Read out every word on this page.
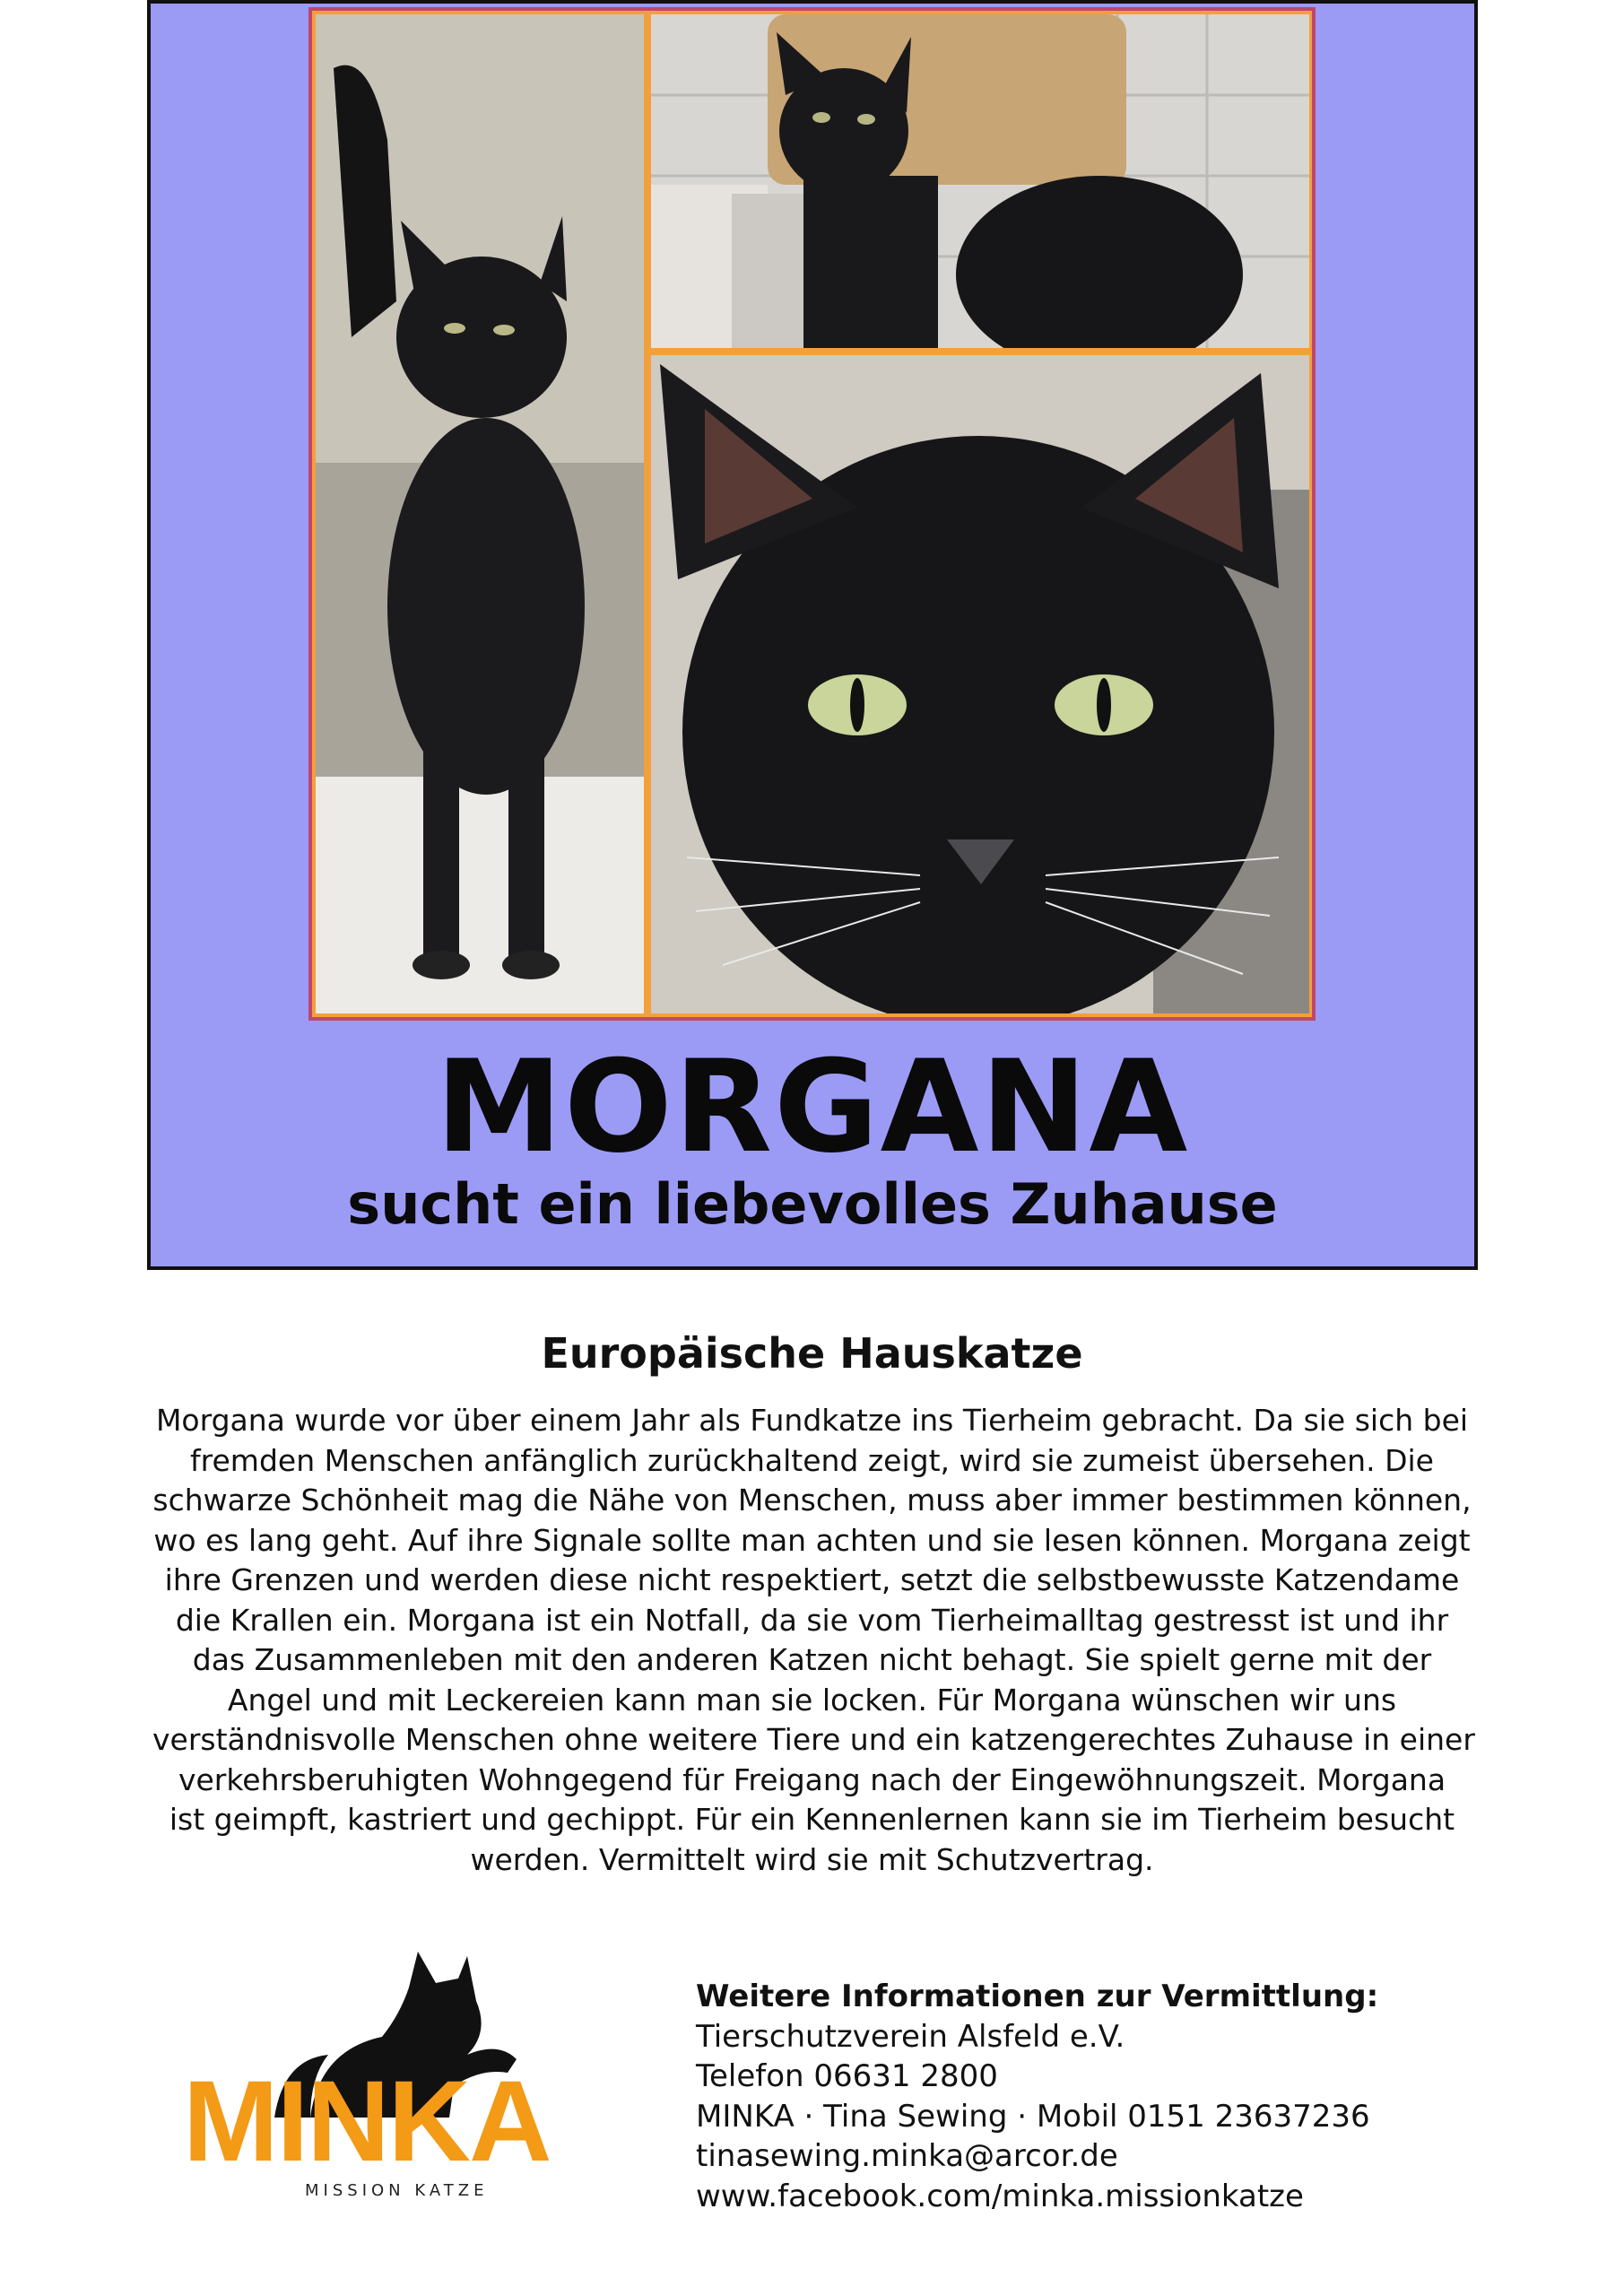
MORGANA
sucht ein liebevolles Zuhause
Europäische Hauskatze
Morgana wurde vor über einem Jahr als Fundkatze ins Tierheim gebracht. Da sie sich bei
fremden Menschen anfänglich zurückhaltend zeigt, wird sie zumeist übersehen. Die
schwarze Schönheit mag die Nähe von Menschen, muss aber immer bestimmen können,
wo es lang geht. Auf ihre Signale sollte man achten und sie lesen können. Morgana zeigt
ihre Grenzen und werden diese nicht respektiert, setzt die selbstbewusste Katzendame
die Krallen ein. Morgana ist ein Notfall, da sie vom Tierheimalltag gestresst ist und ihr
das Zusammenleben mit den anderen Katzen nicht behagt. Sie spielt gerne mit der
Angel und mit Leckereien kann man sie locken. Für Morgana wünschen wir uns
verständnisvolle Menschen ohne weitere Tiere und ein katzengerechtes Zuhause in einer
verkehrsberuhigten Wohngegend für Freigang nach der Eingewöhnungszeit. Morgana
ist geimpft, kastriert und gechippt. Für ein Kennenlernen kann sie im Tierheim besucht
werden. Vermittelt wird sie mit Schutzvertrag.
MINKA
MISSION KATZE
Weitere Informationen zur Vermittlung:
Tierschutzverein Alsfeld e.V.
Telefon 06631 2800
MINKA · Tina Sewing · Mobil 0151 23637236
tinasewing.minka@arcor.de
www.facebook.com/minka.missionkatze
